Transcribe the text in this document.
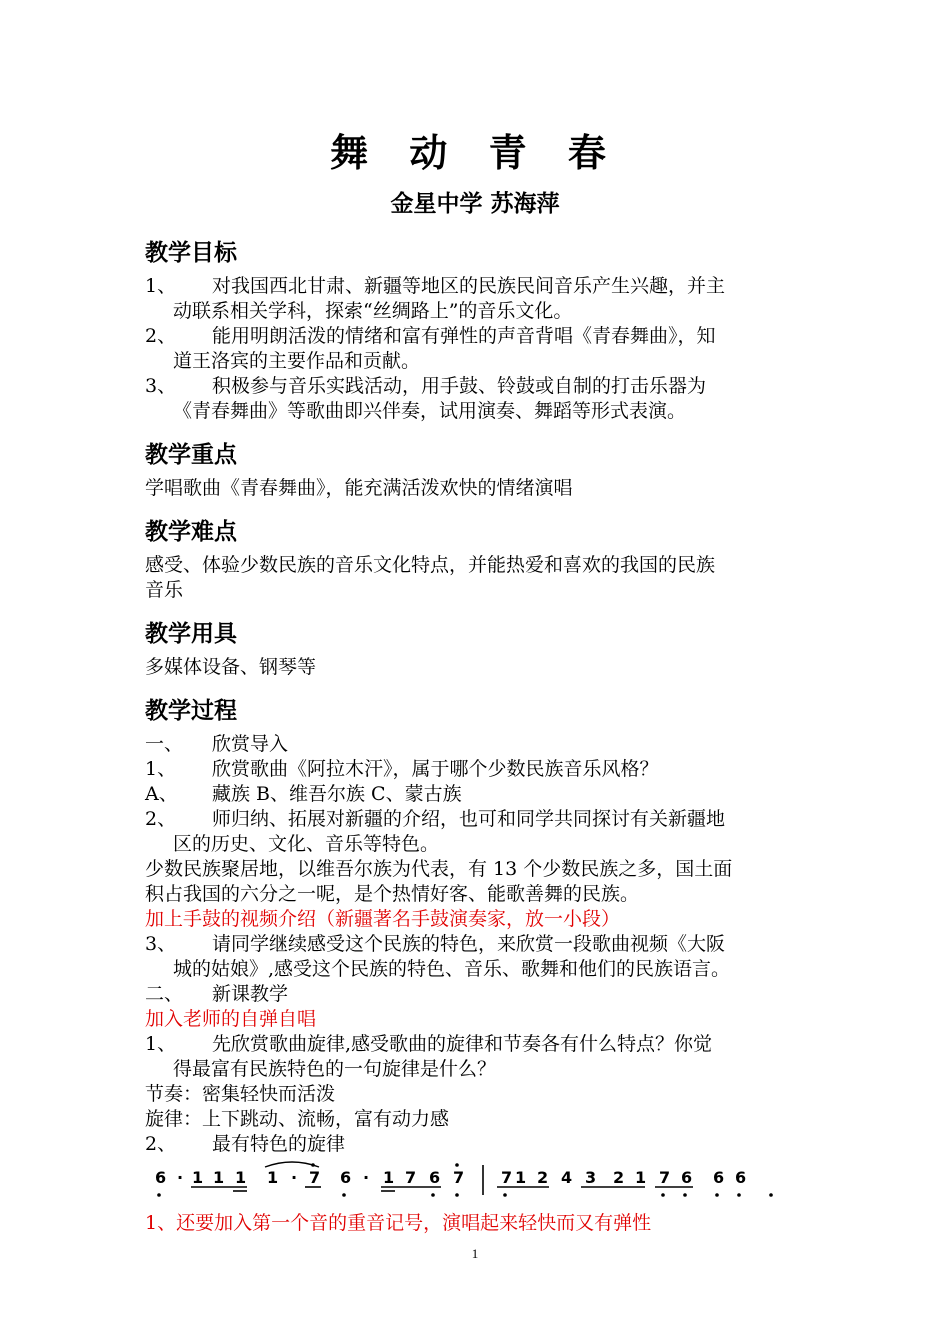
舞 动 青 春
金星中学 苏海萍
教学目标
1、	对我国西北甘肃、新疆等地区的民族民间音乐产生兴趣，并主
动联系相关学科，探索“丝绸路上”的音乐文化。
2、	能用明朗活泼的情绪和富有弹性的声音背唱《青春舞曲》，知
道王洛宾的主要作品和贡献。
3、	积极参与音乐实践活动，用手鼓、铃鼓或自制的打击乐器为
《青春舞曲》等歌曲即兴伴奏，试用演奏、舞蹈等形式表演。
教学重点
学唱歌曲《青春舞曲》，能充满活泼欢快的情绪演唱
教学难点
感受、体验少数民族的音乐文化特点，并能热爱和喜欢的我国的民族
音乐
教学用具
多媒体设备、钢琴等
教学过程
一、	欣赏导入
1、	欣赏歌曲《阿拉木汗》，属于哪个少数民族音乐风格？
A、	藏族 B、维吾尔族 C、蒙古族
2、	师归纳、拓展对新疆的介绍，也可和同学共同探讨有关新疆地
区的历史、文化、音乐等特色。
少数民族聚居地，以维吾尔族为代表，有 13 个少数民族之多，国土面
积占我国的六分之一呢，是个热情好客、能歌善舞的民族。
加上手鼓的视频介绍（新疆著名手鼓演奏家，放一小段）
3、	请同学继续感受这个民族的特色，来欣赏一段歌曲视频《大阪
城的姑娘》,感受这个民族的特色、音乐、歌舞和他们的民族语言。
二、	新课教学
加入老师的自弹自唱
1、	先欣赏歌曲旋律,感受歌曲的旋律和节奏各有什么特点？你觉
得最富有民族特色的一句旋律是什么？
节奏：密集轻快而活泼
旋律：上下跳动、流畅，富有动力感
2、	最有特色的旋律
6 · 1 1 1 1 · 7 6 · 1 7 6 7 7 1 2 4 3 2 1 7 6 6 6
1、还要加入第一个音的重音记号，演唱起来轻快而又有弹性
1
